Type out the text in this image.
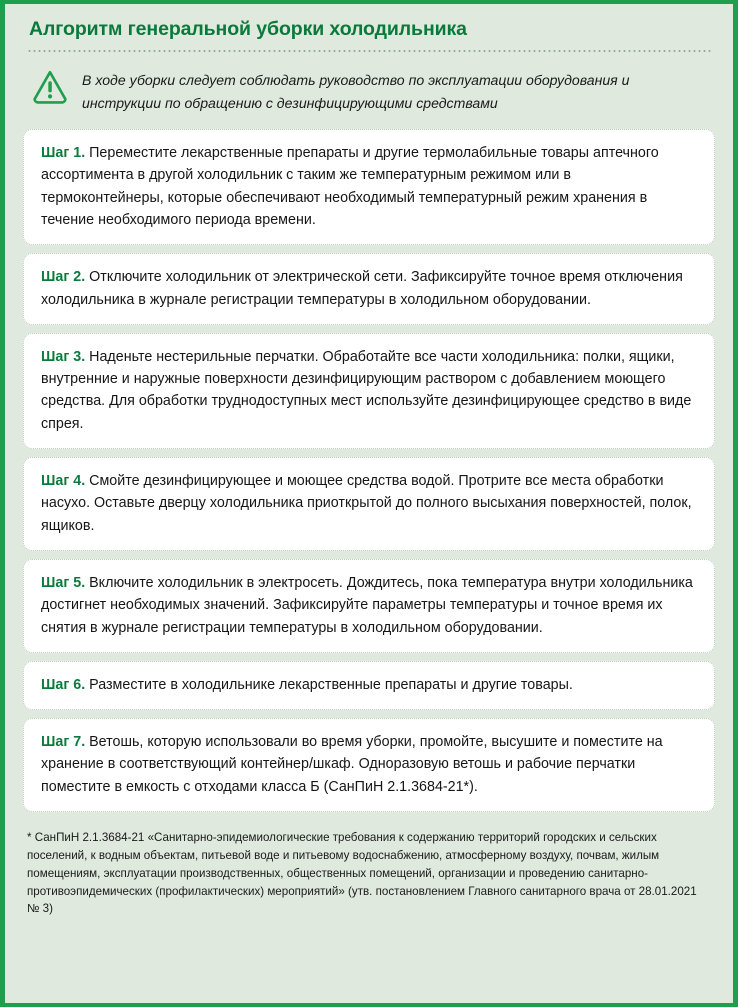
Алгоритм генеральной уборки холодильника
В ходе уборки следует соблюдать руководство по эксплуатации оборудования и инструкции по обращению с дезинфицирующими средствами

Шаг 1. Переместите лекарственные препараты и другие термолабильные товары аптечного ассортимента в другой холодильник с таким же температурным режимом или в термоконтейнеры, которые обеспечивают необходимый температурный режим хранения в течение необходимого периода времени.

Шаг 2. Отключите холодильник от электрической сети. Зафиксируйте точное время отключения холодильника в журнале регистрации температуры в холодильном оборудовании.

Шаг 3. Наденьте нестерильные перчатки. Обработайте все части холодильника: полки, ящики, внутренние и наружные поверхности дезинфицирующим раствором с добавлением моющего средства. Для обработки труднодоступных мест используйте дезинфицирующее средство в виде спрея.

Шаг 4. Смойте дезинфицирующее и моющее средства водой. Протрите все места обработки насухо. Оставьте дверцу холодильника приоткрытой до полного высыхания поверхностей, полок, ящиков.

Шаг 5. Включите холодильник в электросеть. Дождитесь, пока температура внутри холодильника достигнет необходимых значений. Зафиксируйте параметры температуры и точное время их снятия в журнале регистрации температуры в холодильном оборудовании.

Шаг 6. Разместите в холодильнике лекарственные препараты и другие товары.

Шаг 7. Ветошь, которую использовали во время уборки, промойте, высушите и поместите на хранение в соответствующий контейнер/шкаф. Одноразовую ветошь и рабочие перчатки поместите в емкость с отходами класса Б (СанПиН 2.1.3684-21*).

* СанПиН 2.1.3684-21 «Санитарно-эпидемиологические требования к содержанию территорий городских и сельских поселений, к водным объектам, питьевой воде и питьевому водоснабжению, атмосферному воздуху, почвам, жилым помещениям, эксплуатации производственных, общественных помещений, организации и проведению санитарно-противоэпидемических (профилактических) мероприятий» (утв. постановлением Главного санитарного врача от 28.01.2021 № 3)
